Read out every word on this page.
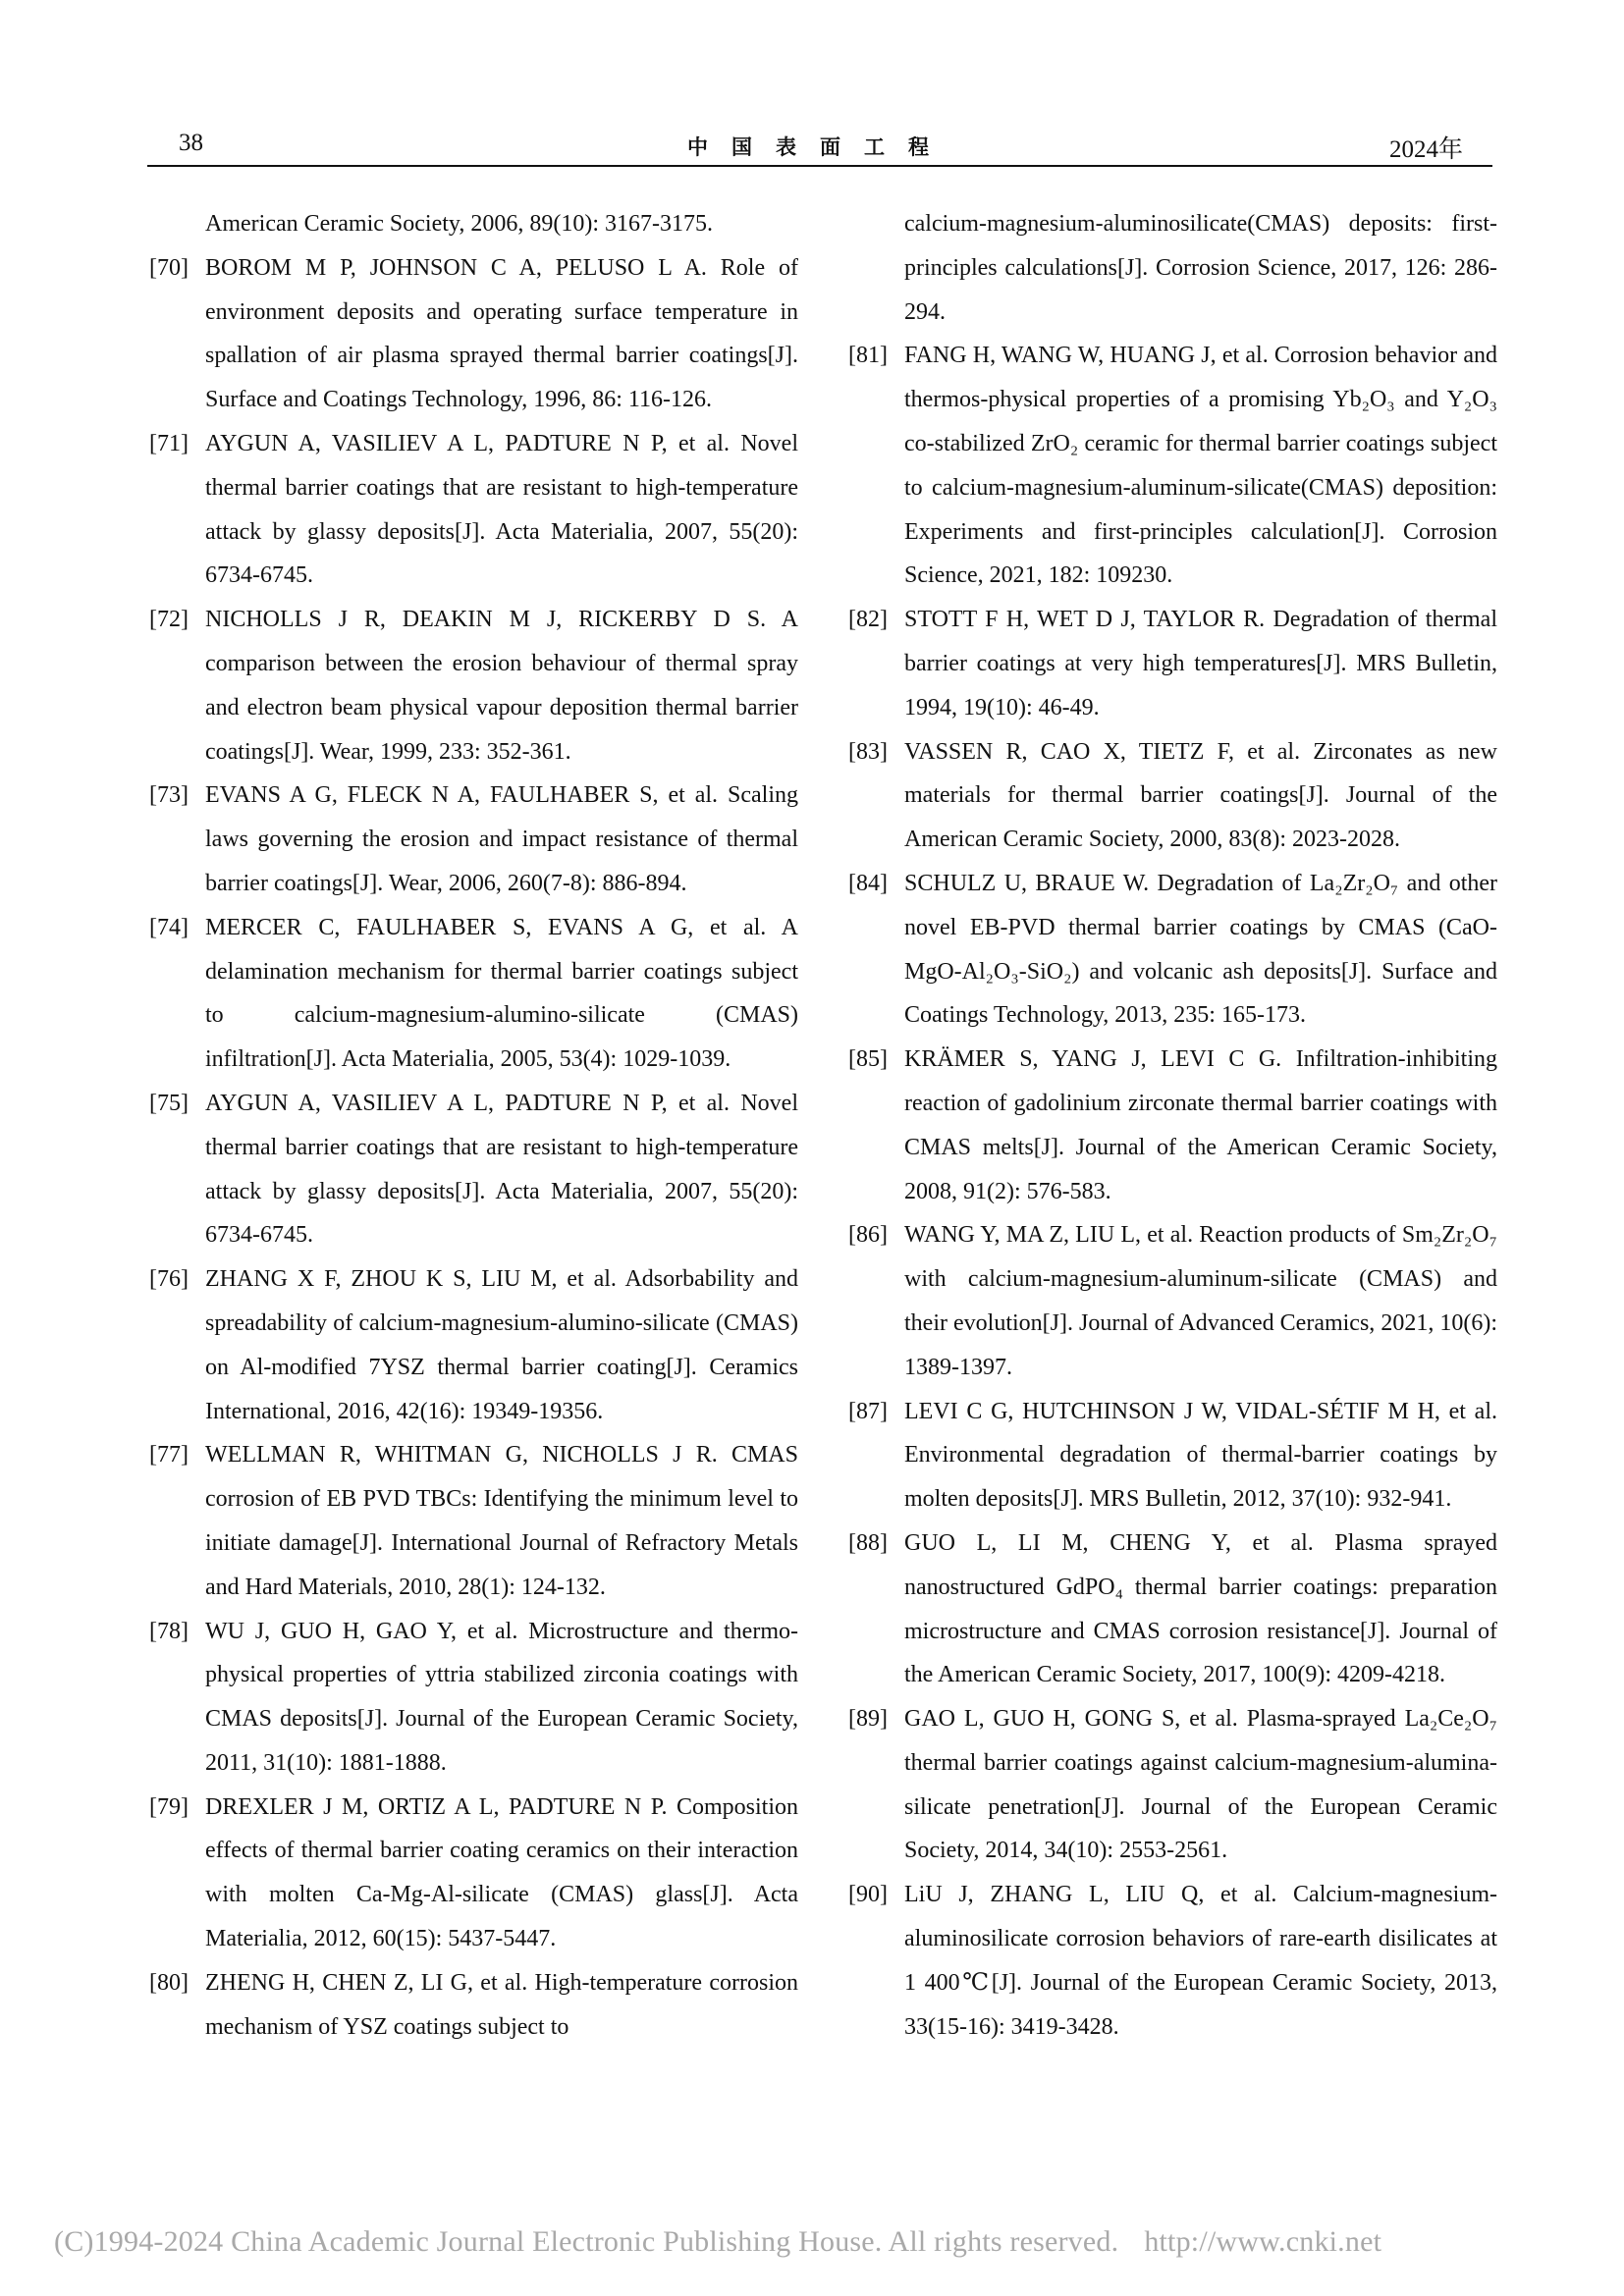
38	中国表面工程	2024年

American Ceramic Society, 2006, 89(10): 3167-3175.

[70] BOROM M P, JOHNSON C A, PELUSO L A. Role of environment deposits and operating surface temperature in spallation of air plasma sprayed thermal barrier coatings[J]. Surface and Coatings Technology, 1996, 86: 116-126.

[71] AYGUN A, VASILIEV A L, PADTURE N P, et al. Novel thermal barrier coatings that are resistant to high-temperature attack by glassy deposits[J]. Acta Materialia, 2007, 55(20): 6734-6745.

[72] NICHOLLS J R, DEAKIN M J, RICKERBY D S. A comparison between the erosion behaviour of thermal spray and electron beam physical vapour deposition thermal barrier coatings[J]. Wear, 1999, 233: 352-361.

[73] EVANS A G, FLECK N A, FAULHABER S, et al. Scaling laws governing the erosion and impact resistance of thermal barrier coatings[J]. Wear, 2006, 260(7-8): 886-894.

[74] MERCER C, FAULHABER S, EVANS A G, et al. A delamination mechanism for thermal barrier coatings subject to calcium-magnesium-alumino-silicate (CMAS) infiltration[J]. Acta Materialia, 2005, 53(4): 1029-1039.

[75] AYGUN A, VASILIEV A L, PADTURE N P, et al. Novel thermal barrier coatings that are resistant to high-temperature attack by glassy deposits[J]. Acta Materialia, 2007, 55(20): 6734-6745.

[76] ZHANG X F, ZHOU K S, LIU M, et al. Adsorbability and spreadability of calcium-magnesium-alumino-silicate (CMAS) on Al-modified 7YSZ thermal barrier coating[J]. Ceramics International, 2016, 42(16): 19349-19356.

[77] WELLMAN R, WHITMAN G, NICHOLLS J R. CMAS corrosion of EB PVD TBCs: Identifying the minimum level to initiate damage[J]. International Journal of Refractory Metals and Hard Materials, 2010, 28(1): 124-132.

[78] WU J, GUO H, GAO Y, et al. Microstructure and thermo-physical properties of yttria stabilized zirconia coatings with CMAS deposits[J]. Journal of the European Ceramic Society, 2011, 31(10): 1881-1888.

[79] DREXLER J M, ORTIZ A L, PADTURE N P. Composition effects of thermal barrier coating ceramics on their interaction with molten Ca-Mg-Al-silicate (CMAS) glass[J]. Acta Materialia, 2012, 60(15): 5437-5447.

[80] ZHENG H, CHEN Z, LI G, et al. High-temperature corrosion mechanism of YSZ coatings subject to

calcium-magnesium-aluminosilicate(CMAS) deposits: first-principles calculations[J]. Corrosion Science, 2017, 126: 286-294.

[81] FANG H, WANG W, HUANG J, et al. Corrosion behavior and thermos-physical properties of a promising Yb₂O₃ and Y₂O₃ co-stabilized ZrO₂ ceramic for thermal barrier coatings subject to calcium-magnesium-aluminum-silicate(CMAS) deposition: Experiments and first-principles calculation[J]. Corrosion Science, 2021, 182: 109230.

[82] STOTT F H, WET D J, TAYLOR R. Degradation of thermal barrier coatings at very high temperatures[J]. MRS Bulletin, 1994, 19(10): 46-49.

[83] VASSEN R, CAO X, TIETZ F, et al. Zirconates as new materials for thermal barrier coatings[J]. Journal of the American Ceramic Society, 2000, 83(8): 2023-2028.

[84] SCHULZ U, BRAUE W. Degradation of La₂Zr₂O₇ and other novel EB-PVD thermal barrier coatings by CMAS (CaO-MgO-Al₂O₃-SiO₂) and volcanic ash deposits[J]. Surface and Coatings Technology, 2013, 235: 165-173.

[85] KRÄMER S, YANG J, LEVI C G. Infiltration‐inhibiting reaction of gadolinium zirconate thermal barrier coatings with CMAS melts[J]. Journal of the American Ceramic Society, 2008, 91(2): 576-583.

[86] WANG Y, MA Z, LIU L, et al. Reaction products of Sm₂Zr₂O₇ with calcium-magnesium-aluminum-silicate (CMAS) and their evolution[J]. Journal of Advanced Ceramics, 2021, 10(6): 1389-1397.

[87] LEVI C G, HUTCHINSON J W, VIDAL-SÉTIF M H, et al. Environmental degradation of thermal-barrier coatings by molten deposits[J]. MRS Bulletin, 2012, 37(10): 932-941.

[88] GUO L, LI M, CHENG Y, et al. Plasma sprayed nanostructured GdPO₄ thermal barrier coatings: preparation microstructure and CMAS corrosion resistance[J]. Journal of the American Ceramic Society, 2017, 100(9): 4209-4218.

[89] GAO L, GUO H, GONG S, et al. Plasma-sprayed La₂Ce₂O₇ thermal barrier coatings against calcium-magnesium-alumina-silicate penetration[J]. Journal of the European Ceramic Society, 2014, 34(10): 2553-2561.

[90] LiU J, ZHANG L, LIU Q, et al. Calcium-magnesium-aluminosilicate corrosion behaviors of rare-earth disilicates at 1 400℃[J]. Journal of the European Ceramic Society, 2013, 33(15-16): 3419-3428.

(C)1994-2024 China Academic Journal Electronic Publishing House. All rights reserved. http://www.cnki.net
